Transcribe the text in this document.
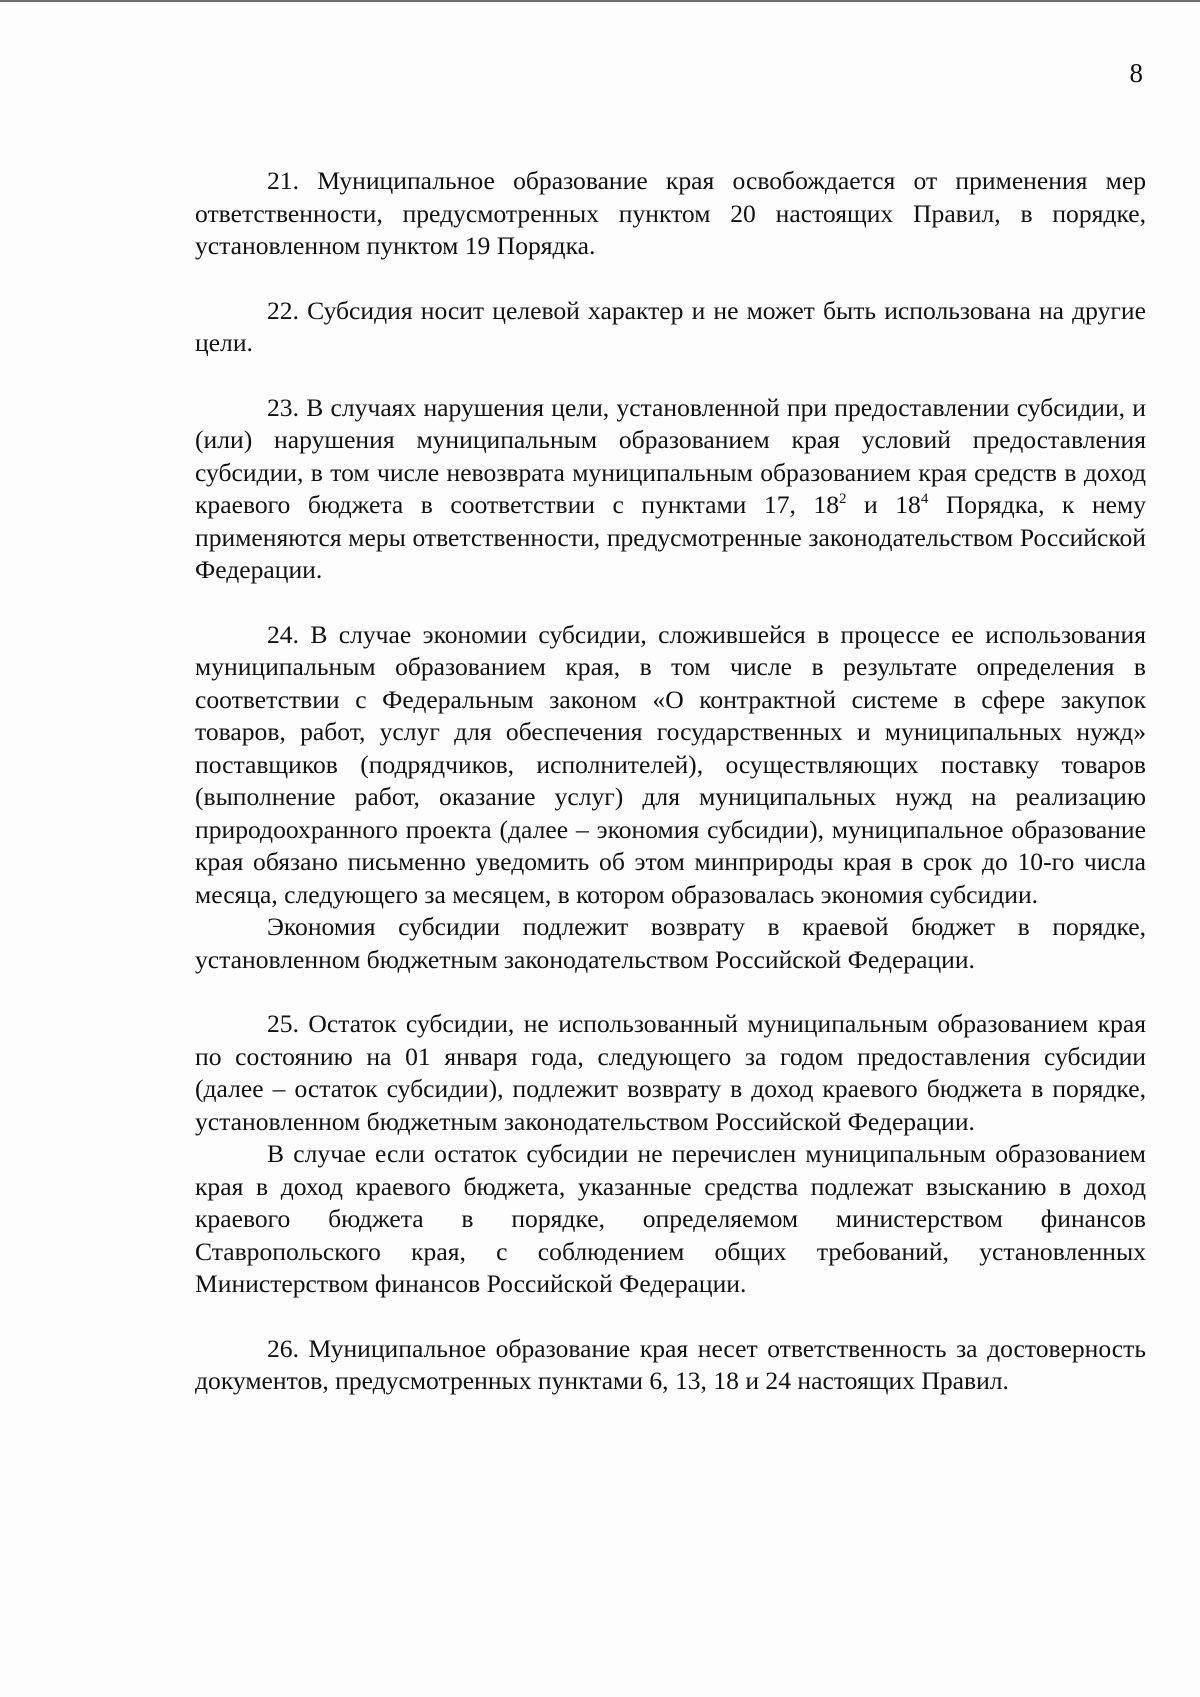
8

21. Муниципальное образование края освобождается от применения мер ответственности, предусмотренных пунктом 20 настоящих Правил, в порядке, установленном пунктом 19 Порядка.

22. Субсидия носит целевой характер и не может быть использована на другие цели.

23. В случаях нарушения цели, установленной при предоставлении субсидии, и (или) нарушения муниципальным образованием края условий предоставления субсидии, в том числе невозврата муниципальным образованием края средств в доход краевого бюджета в соответствии с пунктами 17, $18^2$ и $18^4$ Порядка, к нему применяются меры ответственности, предусмотренные законодательством Российской Федерации.

24. В случае экономии субсидии, сложившейся в процессе ее использования муниципальным образованием края, в том числе в результате определения в соответствии с Федеральным законом «О контрактной системе в сфере закупок товаров, работ, услуг для обеспечения государственных и муниципальных нужд» поставщиков (подрядчиков, исполнителей), осуществляющих поставку товаров (выполнение работ, оказание услуг) для муниципальных нужд на реализацию природоохранного проекта (далее – экономия субсидии), муниципальное образование края обязано письменно уведомить об этом минприроды края в срок до 10-го числа месяца, следующего за месяцем, в котором образовалась экономия субсидии.

Экономия субсидии подлежит возврату в краевой бюджет в порядке, установленном бюджетным законодательством Российской Федерации.

25. Остаток субсидии, не использованный муниципальным образованием края по состоянию на 01 января года, следующего за годом предоставления субсидии (далее – остаток субсидии), подлежит возврату в доход краевого бюджета в порядке, установленном бюджетным законодательством Российской Федерации.

В случае если остаток субсидии не перечислен муниципальным образованием края в доход краевого бюджета, указанные средства подлежат взысканию в доход краевого бюджета в порядке, определяемом министерством финансов Ставропольского края, с соблюдением общих требований, установленных Министерством финансов Российской Федерации.

26. Муниципальное образование края несет ответственность за достоверность документов, предусмотренных пунктами 6, 13, 18 и 24 настоящих Правил.
